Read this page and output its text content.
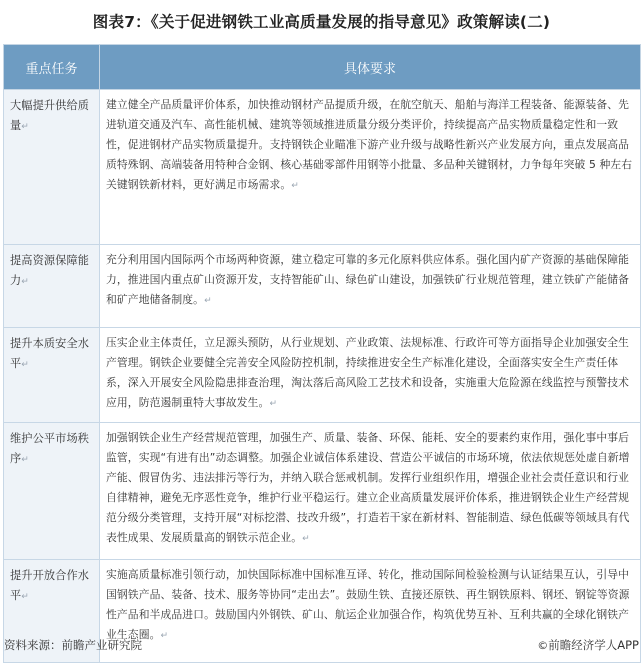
图表7：《关于促进钢铁工业高质量发展的指导意见》政策解读(二)
重点任务	具体要求
大幅提升供给质量↵	建立健全产品质量评价体系，加快推动钢材产品提质升级，在航空航天、船舶与海洋工程装备、能源装备、先进轨道交通及汽车、高性能机械、建筑等领域推进质量分级分类评价，持续提高产品实物质量稳定性和一致性，促进钢材产品实物质量提升。支持钢铁企业瞄准下游产业升级与战略性新兴产业发展方向，重点发展高品质特殊钢、高端装备用特种合金钢、核心基础零部件用钢等小批量、多品种关键钢材，力争每年突破 5 种左右关键钢铁新材料，更好满足市场需求。↵
提高资源保障能力↵	充分利用国内国际两个市场两种资源，建立稳定可靠的多元化原料供应体系。强化国内矿产资源的基础保障能力，推进国内重点矿山资源开发，支持智能矿山、绿色矿山建设，加强铁矿行业规范管理，建立铁矿产能储备和矿产地储备制度。↵
提升本质安全水平↵	压实企业主体责任，立足源头预防，从行业规划、产业政策、法规标准、行政许可等方面指导企业加强安全生产管理。钢铁企业要健全完善安全风险防控机制，持续推进安全生产标准化建设，全面落实安全生产责任体系，深入开展安全风险隐患排查治理，淘汰落后高风险工艺技术和设备，实施重大危险源在线监控与预警技术应用，防范遏制重特大事故发生。↵
维护公平市场秩序↵	加强钢铁企业生产经营规范管理，加强生产、质量、装备、环保、能耗、安全的要素约束作用，强化事中事后监管，实现“有进有出”动态调整。加强企业诚信体系建设、营造公平诚信的市场环境，依法依规惩处虚自新增产能、假冒伪劣、违法排污等行为，并纳入联合惩戒机制。发挥行业组织作用，增强企业社会责任意识和行业自律精神，避免无序恶性竞争，维护行业平稳运行。建立企业高质量发展评价体系，推进钢铁企业生产经营规范分级分类管理，支持开展“对标挖潜、技改升级”，打造若干家在新材料、智能制造、绿色低碳等领域具有代表性成果、发展质量高的钢铁示范企业。↵
提升开放合作水平↵	实施高质量标准引领行动，加快国际标准中国标准互译、转化，推动国际间检验检测与认证结果互认，引导中国钢铁产品、装备、技术、服务等协同“走出去”。鼓励生铁、直接还原铁、再生钢铁原料、钢坯、钢锭等资源性产品和半成品进口。鼓励国内外钢铁、矿山、航运企业加强合作，构筑优势互补、互利共赢的全球化钢铁产业生态圈。↵
资料来源：前瞻产业研究院	©前瞻经济学人APP
